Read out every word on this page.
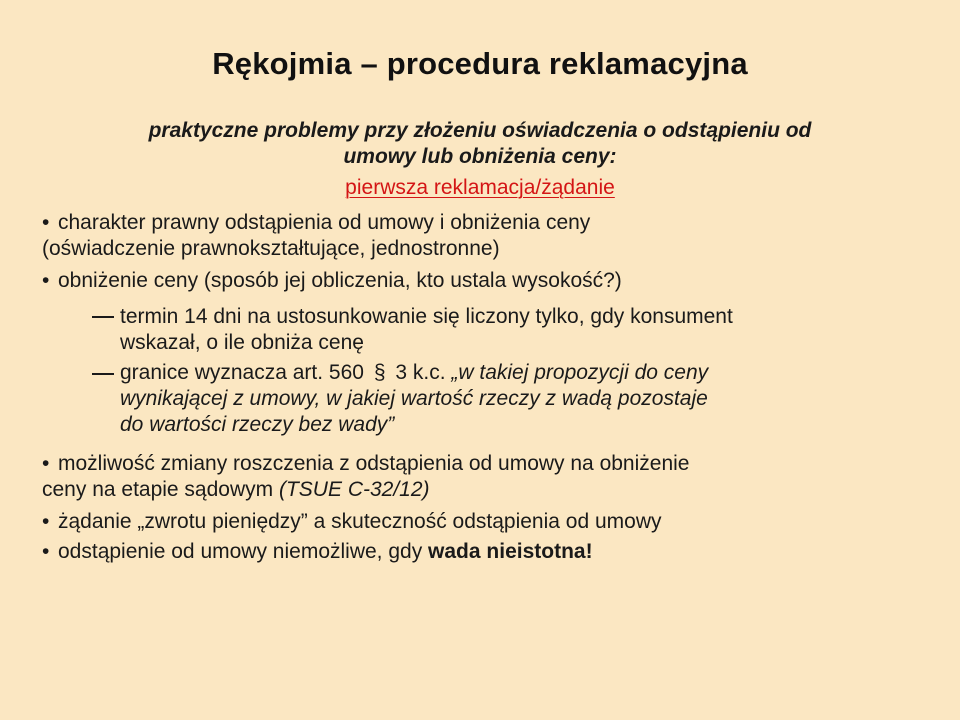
Rękojmia – procedura reklamacyjna
praktyczne problemy przy złożeniu oświadczenia o odstąpieniu od
umowy lub obniżenia ceny:
pierwsza reklamacja/żądanie
• charakter prawny odstąpienia od umowy i obniżenia ceny
(oświadczenie prawnokształtujące, jednostronne)
• obniżenie ceny (sposób jej obliczenia, kto ustala wysokość?)
termin 14 dni na ustosunkowanie się liczony tylko, gdy konsument
wskazał, o ile obniża cenę
granice wyznacza art. 560 § 3 k.c. „w takiej propozycji do ceny
wynikającej z umowy, w jakiej wartość rzeczy z wadą pozostaje
do wartości rzeczy bez wady”
• możliwość zmiany roszczenia z odstąpienia od umowy na obniżenie
ceny na etapie sądowym (TSUE C-32/12)
• żądanie „zwrotu pieniędzy” a skuteczność odstąpienia od umowy
• odstąpienie od umowy niemożliwe, gdy wada nieistotna!
